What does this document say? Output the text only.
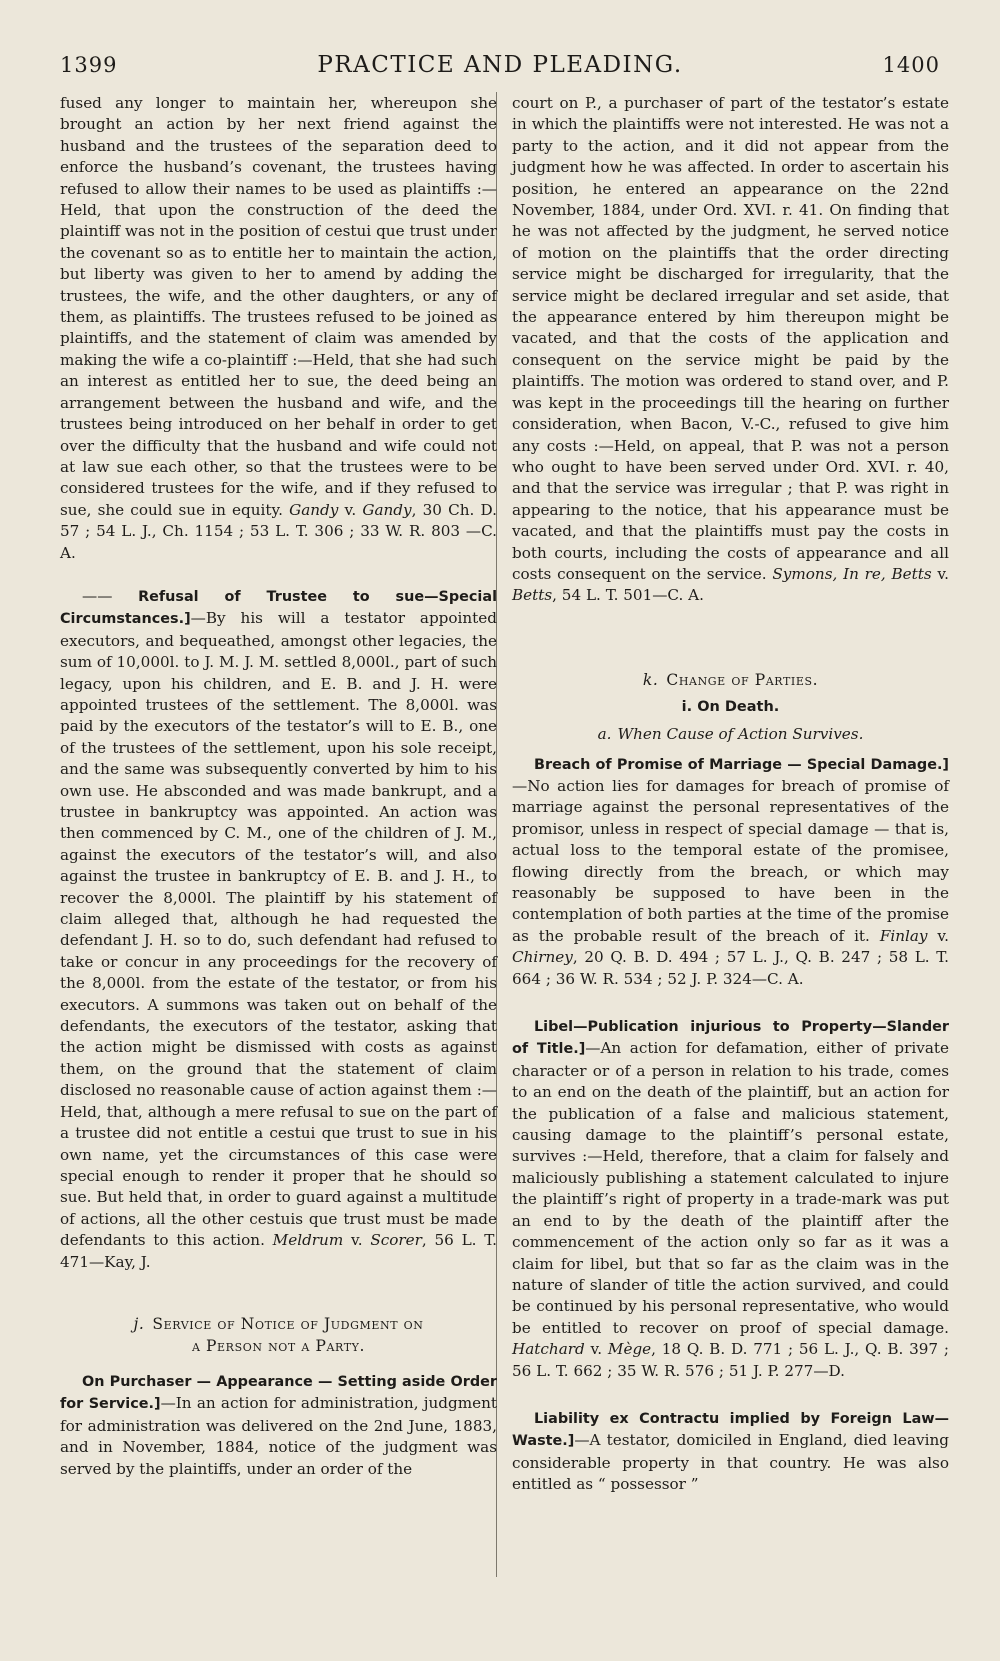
1399	PRACTICE AND PLEADING.	1400

fused any longer to maintain her, whereupon she brought an action by her next friend against the husband and the trustees of the separation deed to enforce the husband’s covenant, the trustees having refused to allow their names to be used as plaintiffs :—Held, that upon the construction of the deed the plaintiff was not in the position of cestui que trust under the covenant so as to entitle her to maintain the action, but liberty was given to her to amend by adding the trustees, the wife, and the other daughters, or any of them, as plaintiffs. The trustees refused to be joined as plaintiffs, and the statement of claim was amended by making the wife a co-plaintiff :—Held, that she had such an interest as entitled her to sue, the deed being an arrangement between the husband and wife, and the trustees being introduced on her behalf in order to get over the difficulty that the husband and wife could not at law sue each other, so that the trustees were to be considered trustees for the wife, and if they refused to sue, she could sue in equity. Gandy v. Gandy, 30 Ch. D. 57 ; 54 L. J., Ch. 1154 ; 53 L. T. 306 ; 33 W. R. 803 —C. A.

—— Refusal of Trustee to sue—Special Circumstances.]—By his will a testator appointed executors, and bequeathed, amongst other legacies, the sum of 10,000l. to J. M. J. M. settled 8,000l., part of such legacy, upon his children, and E. B. and J. H. were appointed trustees of the settlement. The 8,000l. was paid by the executors of the testator’s will to E. B., one of the trustees of the settlement, upon his sole receipt, and the same was subsequently converted by him to his own use. He absconded and was made bankrupt, and a trustee in bankruptcy was appointed. An action was then commenced by C. M., one of the children of J. M., against the executors of the testator’s will, and also against the trustee in bankruptcy of E. B. and J. H., to recover the 8,000l. The plaintiff by his statement of claim alleged that, although he had requested the defendant J. H. so to do, such defendant had refused to take or concur in any proceedings for the recovery of the 8,000l. from the estate of the testator, or from his executors. A summons was taken out on behalf of the defendants, the executors of the testator, asking that the action might be dismissed with costs as against them, on the ground that the statement of claim disclosed no reasonable cause of action against them :—Held, that, although a mere refusal to sue on the part of a trustee did not entitle a cestui que trust to sue in his own name, yet the circumstances of this case were special enough to render it proper that he should so sue. But held that, in order to guard against a multitude of actions, all the other cestuis que trust must be made defendants to this action. Meldrum v. Scorer, 56 L. T. 471—Kay, J.

j. Service of Notice of Judgment on
a Person not a Party.

On Purchaser — Appearance — Setting aside Order for Service.]—In an action for administration, judgment for administration was delivered on the 2nd June, 1883, and in November, 1884, notice of the judgment was served by the plaintiffs, under an order of the

court on P., a purchaser of part of the testator’s estate in which the plaintiffs were not interested. He was not a party to the action, and it did not appear from the judgment how he was affected. In order to ascertain his position, he entered an appearance on the 22nd November, 1884, under Ord. XVI. r. 41. On finding that he was not affected by the judgment, he served notice of motion on the plaintiffs that the order directing service might be discharged for irregularity, that the service might be declared irregular and set aside, that the appearance entered by him thereupon might be vacated, and that the costs of the application and consequent on the service might be paid by the plaintiffs. The motion was ordered to stand over, and P. was kept in the proceedings till the hearing on further consideration, when Bacon, V.-C., refused to give him any costs :—Held, on appeal, that P. was not a person who ought to have been served under Ord. XVI. r. 40, and that the service was irregular ; that P. was right in appearing to the notice, that his appearance must be vacated, and that the plaintiffs must pay the costs in both courts, including the costs of appearance and all costs consequent on the service. Symons, In re, Betts v. Betts, 54 L. T. 501—C. A.

k. Change of Parties.
i. On Death.
a. When Cause of Action Survives.

Breach of Promise of Marriage — Special Damage.]—No action lies for damages for breach of promise of marriage against the personal representatives of the promisor, unless in respect of special damage — that is, actual loss to the temporal estate of the promisee, flowing directly from the breach, or which may reasonably be supposed to have been in the contemplation of both parties at the time of the promise as the probable result of the breach of it. Finlay v. Chirney, 20 Q. B. D. 494 ; 57 L. J., Q. B. 247 ; 58 L. T. 664 ; 36 W. R. 534 ; 52 J. P. 324—C. A.

Libel—Publication injurious to Property—Slander of Title.]—An action for defamation, either of private character or of a person in relation to his trade, comes to an end on the death of the plaintiff, but an action for the publication of a false and malicious statement, causing damage to the plaintiff’s personal estate, survives :—Held, therefore, that a claim for falsely and maliciously publishing a statement calculated to injure the plaintiff’s right of property in a trade-mark was put an end to by the death of the plaintiff after the commencement of the action only so far as it was a claim for libel, but that so far as the claim was in the nature of slander of title the action survived, and could be continued by his personal representative, who would be entitled to recover on proof of special damage. Hatchard v. Mège, 18 Q. B. D. 771 ; 56 L. J., Q. B. 397 ; 56 L. T. 662 ; 35 W. R. 576 ; 51 J. P. 277—D.

Liability ex Contractu implied by Foreign Law—Waste.]—A testator, domiciled in England, died leaving considerable property in that country. He was also entitled as “ possessor ”
